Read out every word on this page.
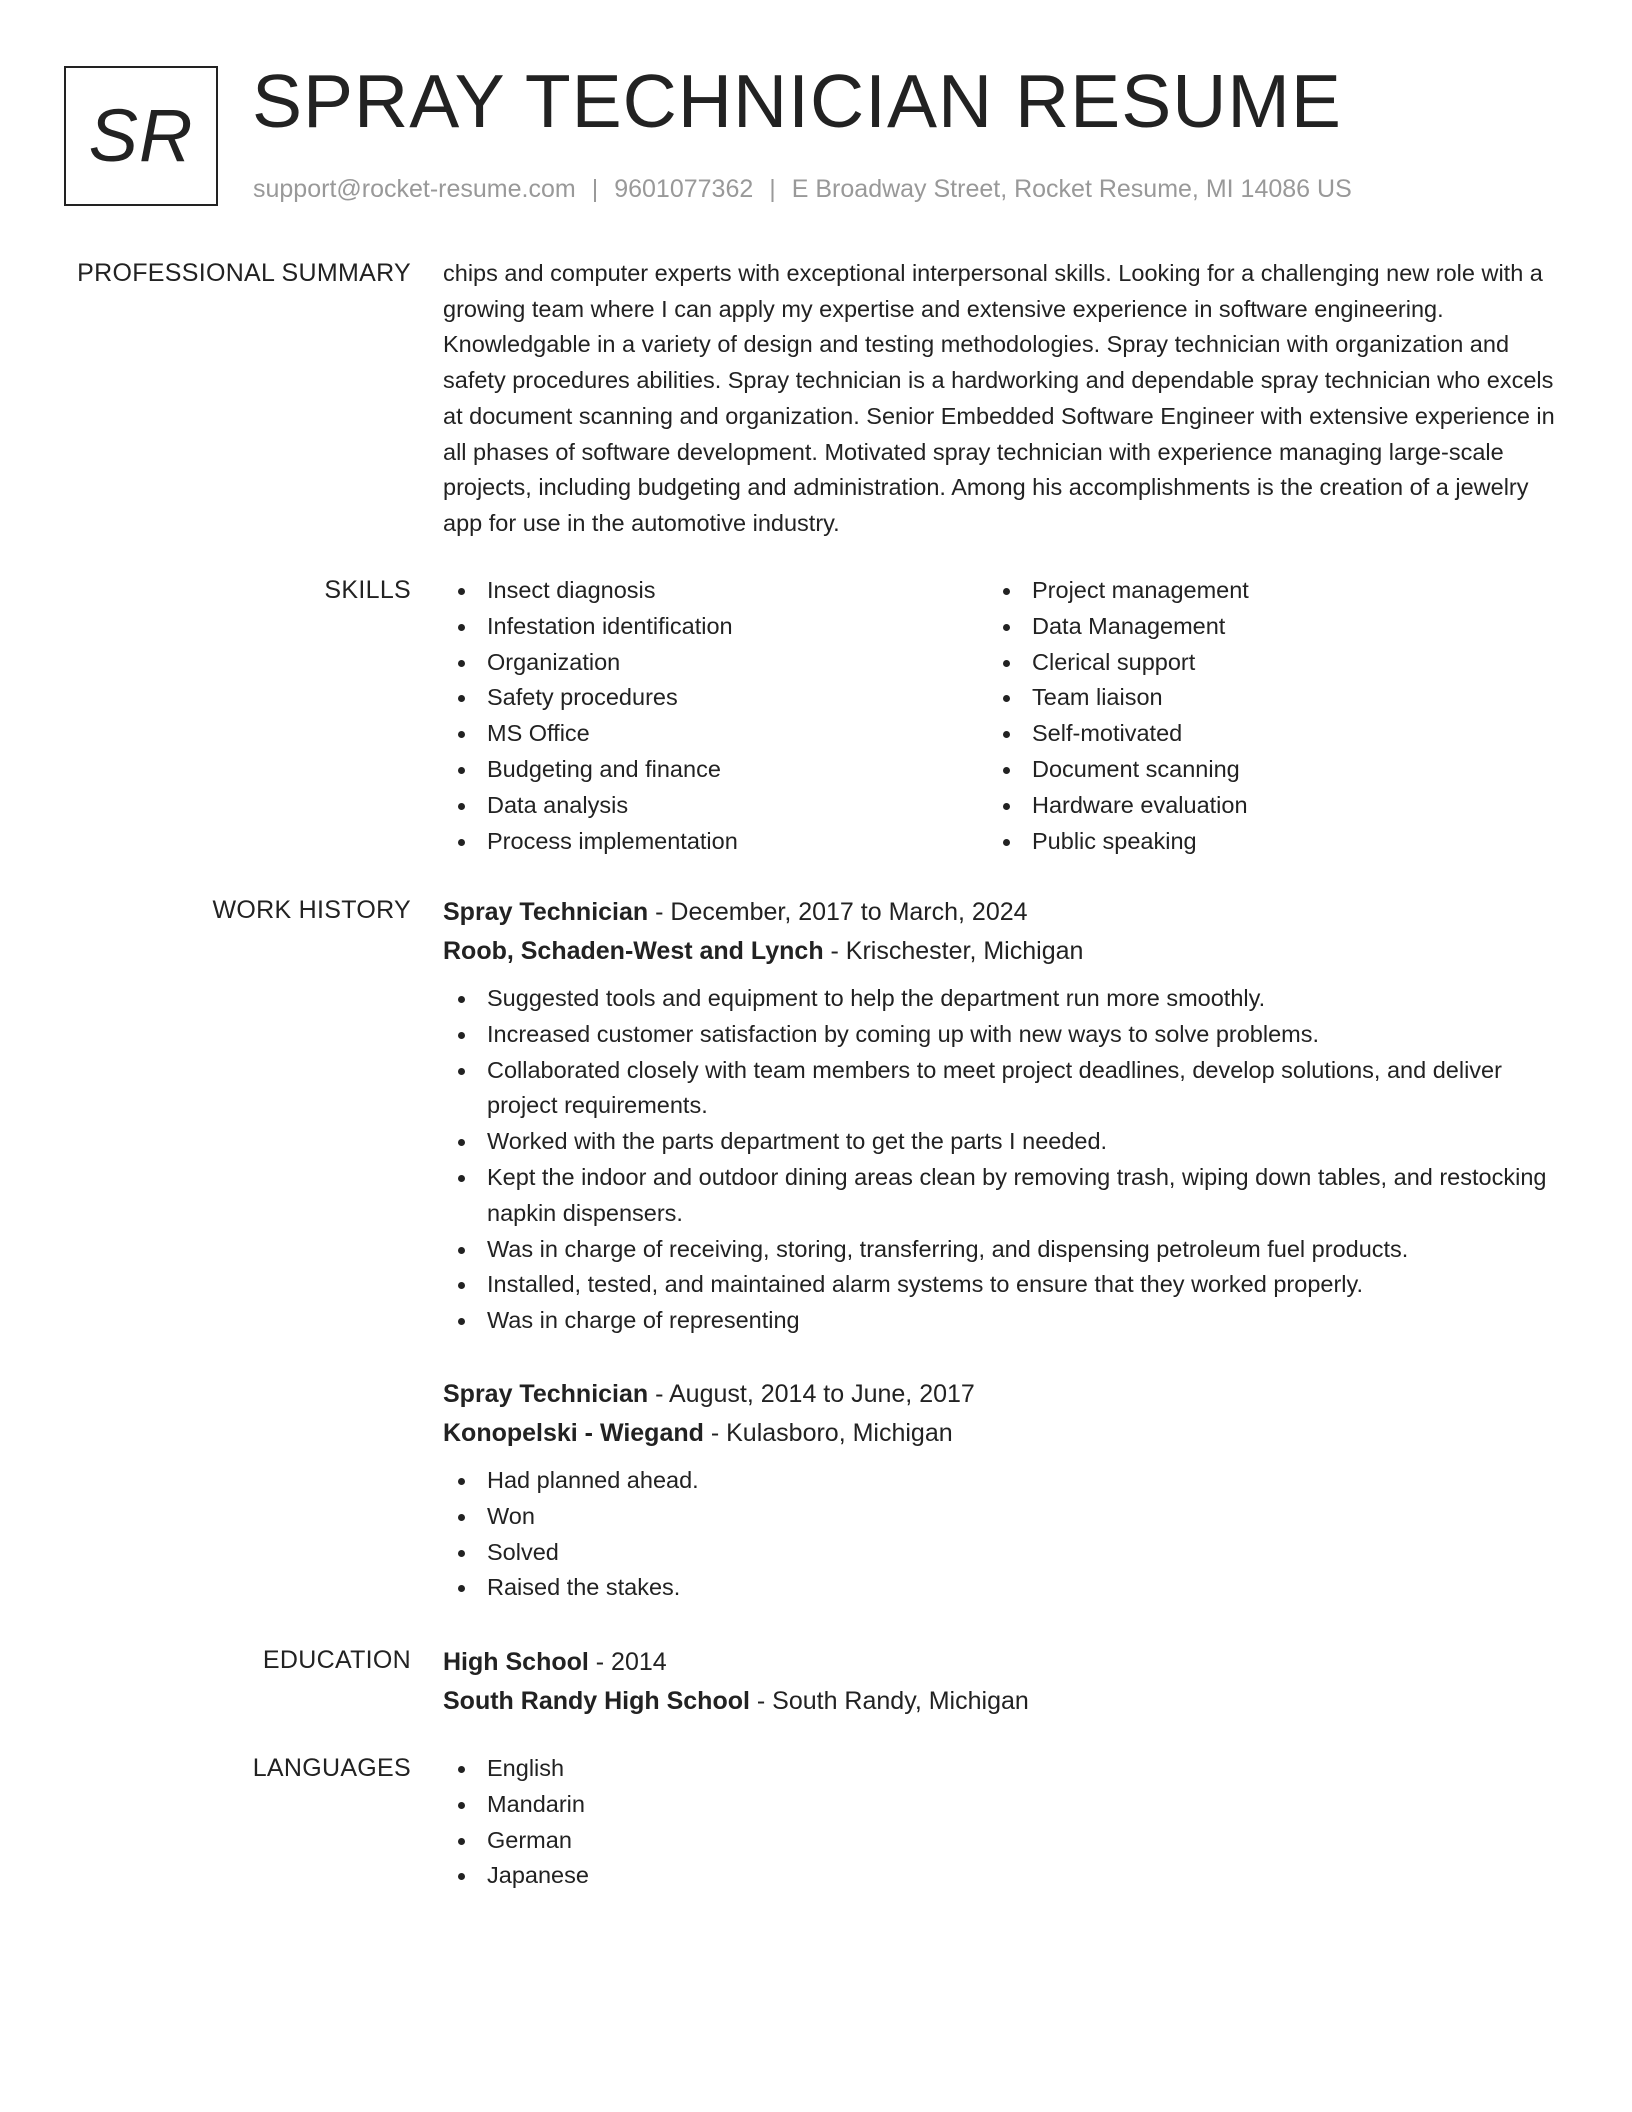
SR SPRAY TECHNICIAN RESUME
support@rocket-resume.com | 9601077362 | E Broadway Street, Rocket Resume, MI 14086 US
PROFESSIONAL SUMMARY chips and computer experts with exceptional interpersonal skills. Looking for a challenging new role with a growing team where I can apply my expertise and extensive experience in software engineering. Knowledgable in a variety of design and testing methodologies. Spray technician with organization and safety procedures abilities. Spray technician is a hardworking and dependable spray technician who excels at document scanning and organization. Senior Embedded Software Engineer with extensive experience in all phases of software development. Motivated spray technician with experience managing large-scale projects, including budgeting and administration. Among his accomplishments is the creation of a jewelry app for use in the automotive industry.

SKILLS	Insect diagnosis
Infestation identification
Organization
Safety procedures
MS Office
Budgeting and finance
Data analysis
Process implementation
Project management
Data Management
Clerical support
Team liaison
Self-motivated
Document scanning
Hardware evaluation
Public speaking
WORK HISTORY Spray Technician - December, 2017 to March, 2024
Roob, Schaden-West and Lynch - Krischester, Michigan
Suggested tools and equipment to help the department run more smoothly.
Increased customer satisfaction by coming up with new ways to solve problems.
Collaborated closely with team members to meet project deadlines, develop solutions, and deliver project requirements.
Worked with the parts department to get the parts I needed.
Kept the indoor and outdoor dining areas clean by removing trash, wiping down tables, and restocking napkin dispensers.
Was in charge of receiving, storing, transferring, and dispensing petroleum fuel products.
Installed, tested, and maintained alarm systems to ensure that they worked properly.
Was in charge of representing
Spray Technician - August, 2014 to June, 2017
Konopelski - Wiegand - Kulasboro, Michigan
Had planned ahead.
Won
Solved
Raised the stakes.
EDUCATION High School - 2014
South Randy High School - South Randy, Michigan
LANGUAGES	English
Mandarin
German
Japanese
